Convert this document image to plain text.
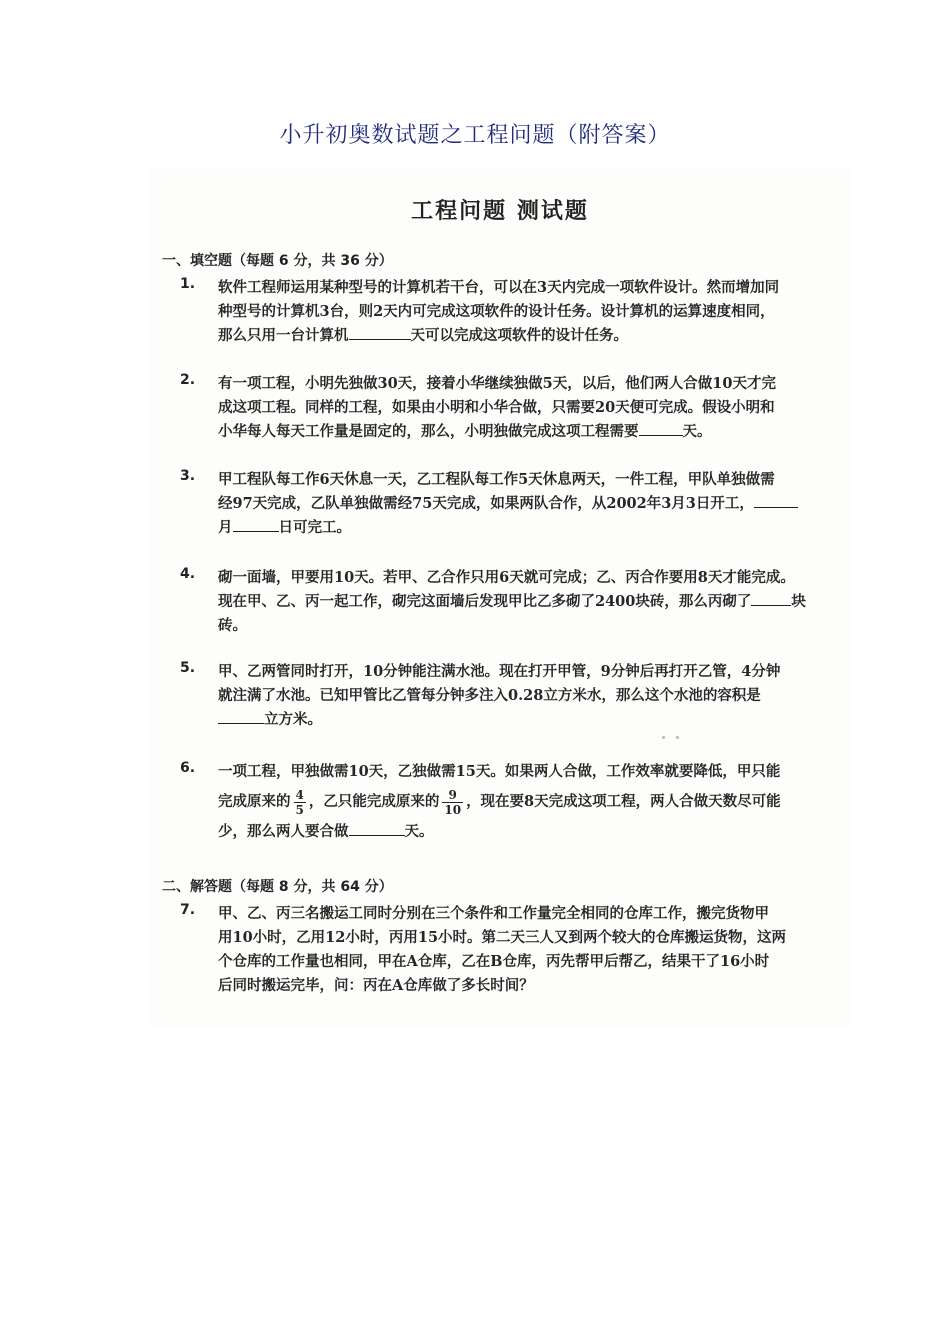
小升初奥数试题之工程问题（附答案）
工程问题 测试题
一、填空题（每题 6 分，共 36 分）
1. 软件工程师运用某种型号的计算机若干台，可以在3天内完成一项软件设计。然而增加同
种型号的计算机3台，则2天内可完成这项软件的设计任务。设计算机的运算速度相同，
那么只用一台计算机	天可以完成这项软件的设计任务。
2. 有一项工程，小明先独做30天，接着小华继续独做5天，以后，他们两人合做10天才完
成这项工程。同样的工程，如果由小明和小华合做，只需要20天便可完成。假设小明和
小华每人每天工作量是固定的，那么，小明独做完成这项工程需要	天。
3. 甲工程队每工作6天休息一天，乙工程队每工作5天休息两天，一件工程，甲队单独做需
经97天完成，乙队单独做需经75天完成，如果两队合作，从2002年3月3日开工，
月	日可完工。
4. 砌一面墙，甲要用10天。若甲、乙合作只用6天就可完成；乙、丙合作要用8天才能完成。
现在甲、乙、丙一起工作，砌完这面墙后发现甲比乙多砌了2400块砖，那么丙砌了	块
砖。
5. 甲、乙两管同时打开，10分钟能注满水池。现在打开甲管，9分钟后再打开乙管，4分钟
就注满了水池。已知甲管比乙管每分钟多注入0.28立方米水，那么这个水池的容积是
立方米。
6. 一项工程，甲独做需10天，乙独做需15天。如果两人合做，工作效率就要降低，甲只能
完成原来的 $\frac{4}{5}$ ，乙只能完成原来的 $\frac{9}{10}$ ，现在要8天完成这项工程，两人合做天数尽可能
少，那么两人要合做	天。
二、解答题（每题 8 分，共 64 分）
7. 甲、乙、丙三名搬运工同时分别在三个条件和工作量完全相同的仓库工作，搬完货物甲
用10小时，乙用12小时，丙用15小时。第二天三人又到两个较大的仓库搬运货物，这两
个仓库的工作量也相同，甲在A仓库，乙在B仓库，丙先帮甲后帮乙，结果干了16小时
后同时搬运完毕，问：丙在A仓库做了多长时间？
